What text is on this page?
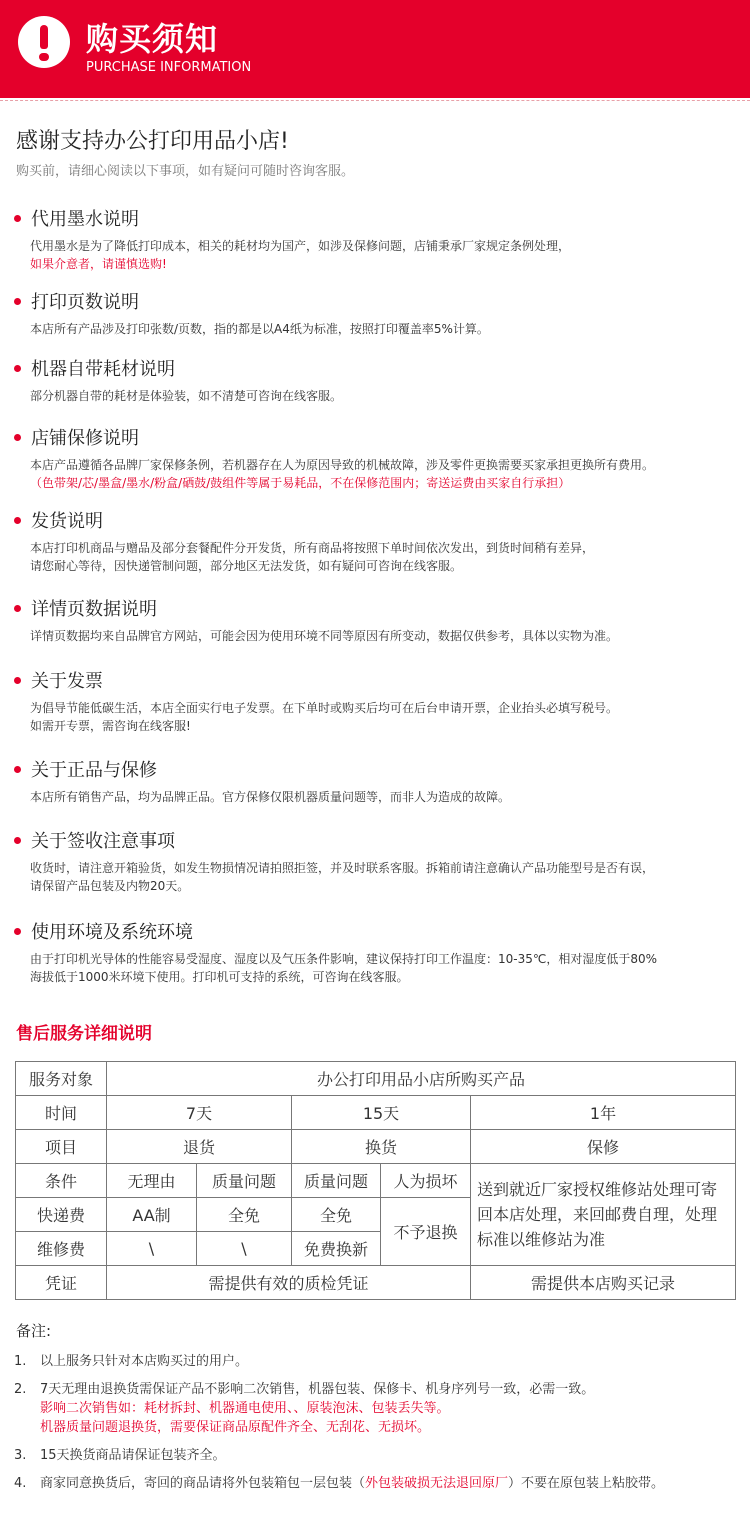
购买须知
PURCHASE INFORMATION
感谢支持办公打印用品小店!
购买前，请细心阅读以下事项，如有疑问可随时咨询客服。
代用墨水说明
代用墨水是为了降低打印成本，相关的耗材均为国产，如涉及保修问题，店铺秉承厂家规定条例处理，
如果介意者，请谨慎选购!
打印页数说明
本店所有产品涉及打印张数/页数，指的都是以A4纸为标准，按照打印覆盖率5%计算。
机器自带耗材说明
部分机器自带的耗材是体验装，如不清楚可咨询在线客服。
店铺保修说明
本店产品遵循各品牌厂家保修条例，若机器存在人为原因导致的机械故障，涉及零件更换需要买家承担更换所有费用。
（色带架/芯/墨盒/墨水/粉盒/硒鼓/鼓组件等属于易耗品，不在保修范围内；寄送运费由买家自行承担）
发货说明
本店打印机商品与赠品及部分套餐配件分开发货，所有商品将按照下单时间依次发出，到货时间稍有差异，
请您耐心等待，因快递管制问题，部分地区无法发货，如有疑问可咨询在线客服。
详情页数据说明
详情页数据均来自品牌官方网站，可能会因为使用环境不同等原因有所变动，数据仅供参考，具体以实物为准。
关于发票
为倡导节能低碳生活，本店全面实行电子发票。在下单时或购买后均可在后台申请开票，企业抬头必填写税号。
如需开专票，需咨询在线客服!
关于正品与保修
本店所有销售产品，均为品牌正品。官方保修仅限机器质量问题等，而非人为造成的故障。
关于签收注意事项
收货时，请注意开箱验货，如发生物损情况请拍照拒签，并及时联系客服。拆箱前请注意确认产品功能型号是否有误，
请保留产品包装及内物20天。
使用环境及系统环境
由于打印机光导体的性能容易受湿度、湿度以及气压条件影响，建议保持打印工作温度：10-35℃，相对湿度低于80%
海拔低于1000米环境下使用。打印机可支持的系统，可咨询在线客服。
售后服务详细说明
服务对象	办公打印用品小店所购买产品				
时间	7天		15天		1年
项目	退货		换货		保修
条件	无理由	质量问题	质量问题	人为损坏	送到就近厂家授权维修站处理可寄回本店处理，来回邮费自理，处理标准以维修站为准
快递费	AA制	全免	全免	不予退换	
维修费	\	\	免费换新		
凭证	需提供有效的质检凭证				需提供本店购买记录
备注:
1.	以上服务只针对本店购买过的用户。
2.	7天无理由退换货需保证产品不影响二次销售，机器包装、保修卡、机身序列号一致，必需一致。
影响二次销售如：耗材拆封、机器通电使用、、原装泡沫、包装丢失等。
机器质量问题退换货，需要保证商品原配件齐全、无刮花、无损坏。
3.	15天换货商品请保证包装齐全。
4.	商家同意换货后，寄回的商品请将外包装箱包一层包装（外包装破损无法退回原厂）不要在原包装上粘胶带。
